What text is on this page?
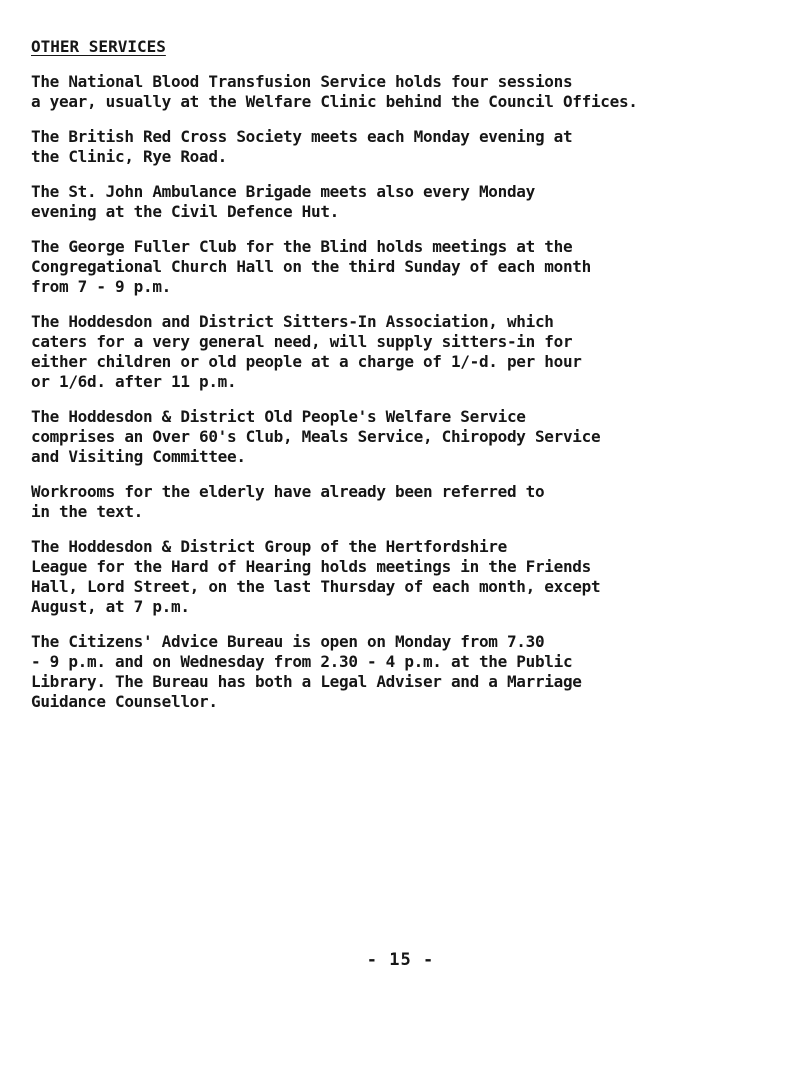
OTHER SERVICES

The National Blood Transfusion Service holds four sessions
a year, usually at the Welfare Clinic behind the Council Offices.

The British Red Cross Society meets each Monday evening at
the Clinic, Rye Road.

The St. John Ambulance Brigade meets also every Monday
evening at the Civil Defence Hut.

The George Fuller Club for the Blind holds meetings at the
Congregational Church Hall on the third Sunday of each month
from 7 - 9 p.m.

The Hoddesdon and District Sitters-In Association, which
caters for a very general need, will supply sitters-in for
either children or old people at a charge of 1/-d. per hour
or 1/6d. after 11 p.m.

The Hoddesdon & District Old People's Welfare Service
comprises an Over 60's Club, Meals Service, Chiropody Service
and Visiting Committee.

Workrooms for the elderly have already been referred to
in the text.

The Hoddesdon & District Group of the Hertfordshire
League for the Hard of Hearing holds meetings in the Friends
Hall, Lord Street, on the last Thursday of each month, except
August, at 7 p.m.

The Citizens' Advice Bureau is open on Monday from 7.30
- 9 p.m. and on Wednesday from 2.30 - 4 p.m. at the Public
Library. The Bureau has both a Legal Adviser and a Marriage
Guidance Counsellor.

- 15 -
